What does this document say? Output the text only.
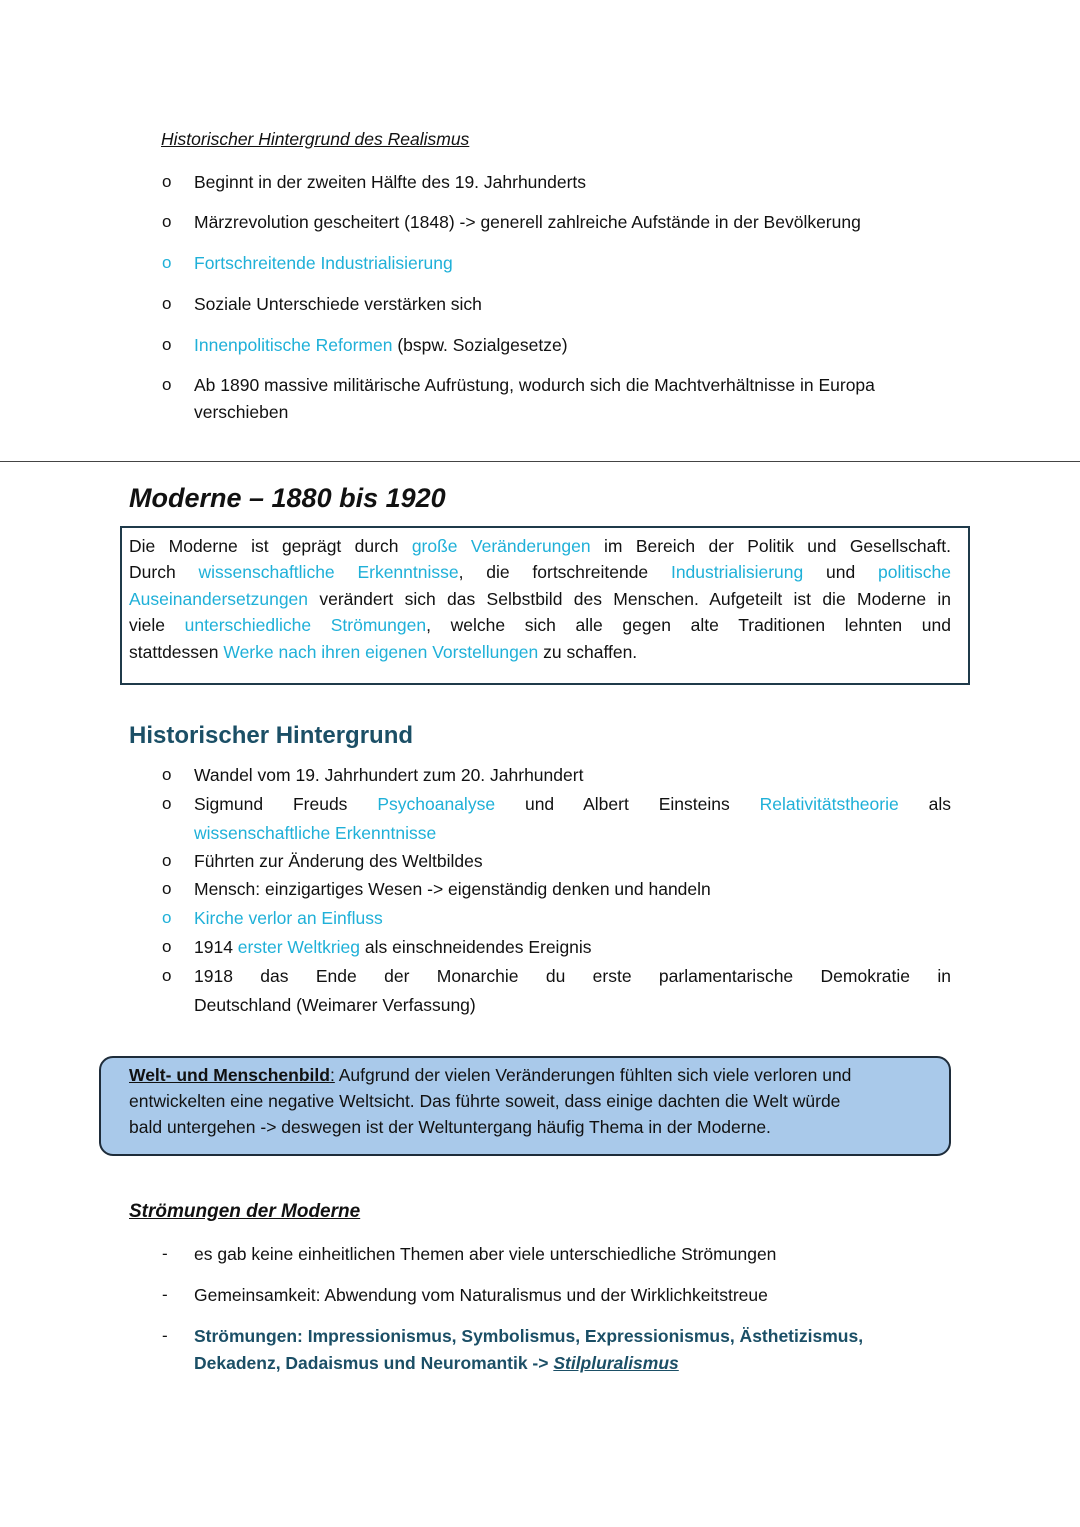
Historischer Hintergrund des Realismus
o Beginnt in der zweiten Hälfte des 19. Jahrhunderts
o Märzrevolution gescheitert (1848) -> generell zahlreiche Aufstände in der Bevölkerung
o Fortschreitende Industrialisierung
o Soziale Unterschiede verstärken sich
o Innenpolitische Reformen (bspw. Sozialgesetze)
o Ab 1890 massive militärische Aufrüstung, wodurch sich die Machtverhältnisse in Europa
verschieben
Moderne – 1880 bis 1920
Die Moderne ist geprägt durch große Veränderungen im Bereich der Politik und Gesellschaft.
Durch wissenschaftliche Erkenntnisse, die fortschreitende Industrialisierung und politische
Auseinandersetzungen verändert sich das Selbstbild des Menschen. Aufgeteilt ist die Moderne in
viele unterschiedliche Strömungen, welche sich alle gegen alte Traditionen lehnten und
stattdessen Werke nach ihren eigenen Vorstellungen zu schaffen.
Historischer Hintergrund
o Wandel vom 19. Jahrhundert zum 20. Jahrhundert
o Sigmund Freuds Psychoanalyse und Albert Einsteins Relativitätstheorie als
wissenschaftliche Erkenntnisse
o Führten zur Änderung des Weltbildes
o Mensch: einzigartiges Wesen -> eigenständig denken und handeln
o Kirche verlor an Einfluss
o 1914 erster Weltkrieg als einschneidendes Ereignis
o 1918 das Ende der Monarchie du erste parlamentarische Demokratie in
Deutschland (Weimarer Verfassung)
Welt- und Menschenbild: Aufgrund der vielen Veränderungen fühlten sich viele verloren und
entwickelten eine negative Weltsicht. Das führte soweit, dass einige dachten die Welt würde
bald untergehen -> deswegen ist der Weltuntergang häufig Thema in der Moderne.
Strömungen der Moderne
- es gab keine einheitlichen Themen aber viele unterschiedliche Strömungen
- Gemeinsamkeit: Abwendung vom Naturalismus und der Wirklichkeitstreue
- Strömungen: Impressionismus, Symbolismus, Expressionismus, Ästhetizismus,
Dekadenz, Dadaismus und Neuromantik -> Stilpluralismus
